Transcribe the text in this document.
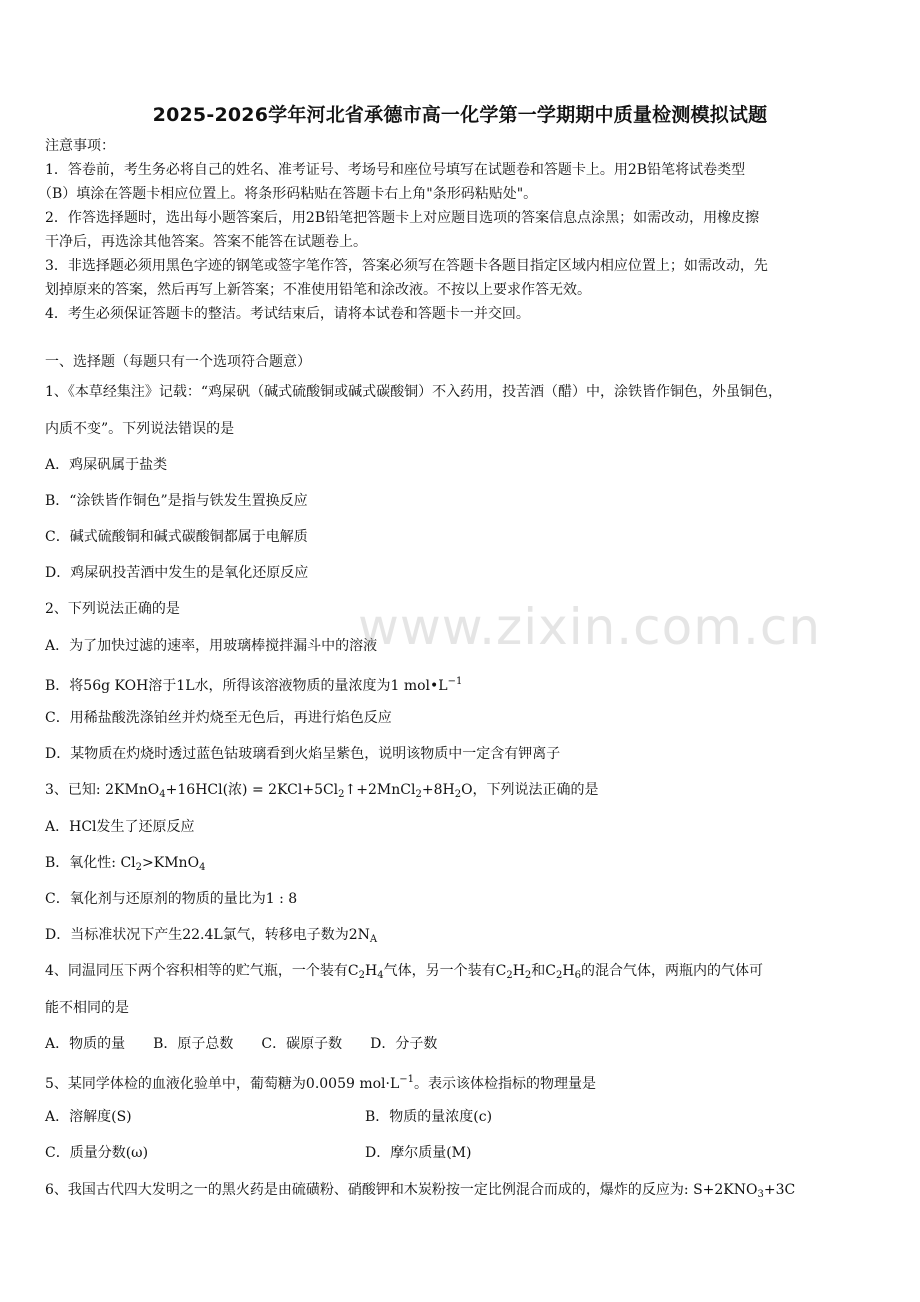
2025-2026学年河北省承德市高一化学第一学期期中质量检测模拟试题
注意事项：
1．答卷前，考生务必将自己的姓名、准考证号、考场号和座位号填写在试题卷和答题卡上。用2B铅笔将试卷类型
（B）填涂在答题卡相应位置上。将条形码粘贴在答题卡右上角"条形码粘贴处"。
2．作答选择题时，选出每小题答案后，用2B铅笔把答题卡上对应题目选项的答案信息点涂黑；如需改动，用橡皮擦
干净后，再选涂其他答案。答案不能答在试题卷上。
3．非选择题必须用黑色字迹的钢笔或签字笔作答，答案必须写在答题卡各题目指定区域内相应位置上；如需改动，先
划掉原来的答案，然后再写上新答案；不准使用铅笔和涂改液。不按以上要求作答无效。
4．考生必须保证答题卡的整洁。考试结束后，请将本试卷和答题卡一并交回。
一、选择题（每题只有一个选项符合题意）
1、《本草经集注》记载：“鸡屎矾（碱式硫酸铜或碱式碳酸铜）不入药用，投苦酒（醋）中，涂铁皆作铜色，外虽铜色，
内质不变”。下列说法错误的是
A．鸡屎矾属于盐类
B．“涂铁皆作铜色”是指与铁发生置换反应
C．碱式硫酸铜和碱式碳酸铜都属于电解质
D．鸡屎矾投苦酒中发生的是氧化还原反应
2、下列说法正确的是
A．为了加快过滤的速率，用玻璃棒搅拌漏斗中的溶液
B．将56g KOH溶于1L水，所得该溶液物质的量浓度为1 $mol•L^{-1}$
C．用稀盐酸洗涤铂丝并灼烧至无色后，再进行焰色反应
D．某物质在灼烧时透过蓝色钴玻璃看到火焰呈紫色，说明该物质中一定含有钾离子
3、已知: 2KMnO$_4$+16HCl(浓) = $2KCl+5Cl_2↑+2MnCl_2+8H_2O$，下列说法正确的是
A．HCl发生了还原反应
B．氧化性: $Cl_2>KMnO_4$
C．氧化剂与还原剂的物质的量比为1 : 8
D．当标准状况下产生22.4L氯气，转移电子数为$2N_A$
4、同温同压下两个容积相等的贮气瓶，一个装有$C_2H_4$气体，另一个装有$C_2H_2$和$C_2H_6$的混合气体，两瓶内的气体可
能不相同的是
A．物质的量 B．原子总数 C．碳原子数 D．分子数
5、某同学体检的血液化验单中，葡萄糖为0.0059 $mol\cdot L^{-1}$。表示该体检指标的物理量是
A．溶解度(S)	B．物质的量浓度(c)
C．质量分数(ω)	D．摩尔质量(M)
6、我国古代四大发明之一的黑火药是由硫磺粉、硝酸钾和木炭粉按一定比例混合而成的，爆炸的反应为: $S+2KNO_3+3C$
www.zixin.com.cn
